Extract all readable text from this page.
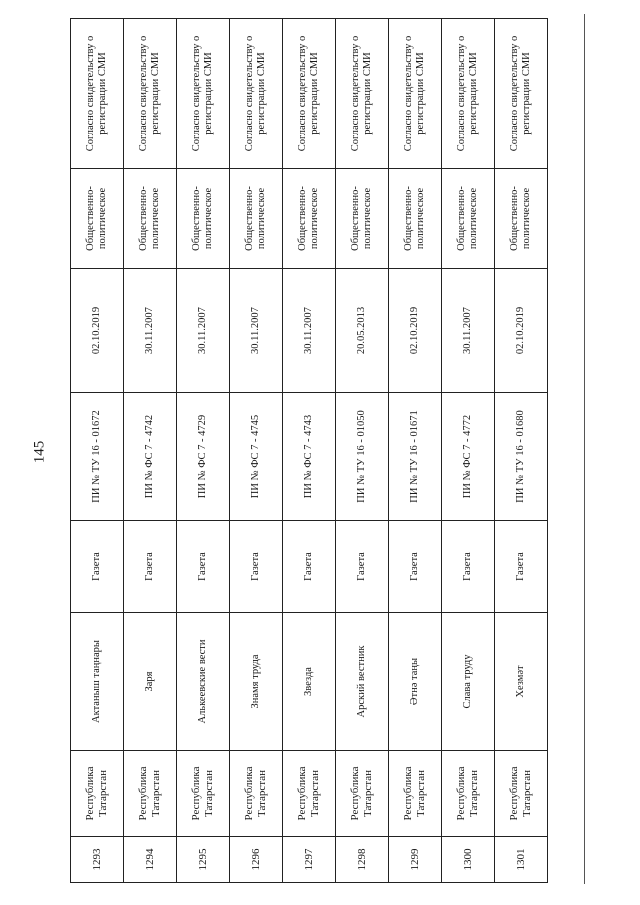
145
1293	Республика Татарстан	Актаныш таңнары	Газета	ПИ № ТУ 16 - 01672	02.10.2019	Общественно-политическое	Согласно свидетельству о регистрации СМИ
1294	Республика Татарстан	Заря	Газета	ПИ № ФС 7 - 4742	30.11.2007	Общественно-политическое	Согласно свидетельству о регистрации СМИ
1295	Республика Татарстан	Алькеевские вести	Газета	ПИ № ФС 7 - 4729	30.11.2007	Общественно-политическое	Согласно свидетельству о регистрации СМИ
1296	Республика Татарстан	Знамя труда	Газета	ПИ № ФС 7 - 4745	30.11.2007	Общественно-политическое	Согласно свидетельству о регистрации СМИ
1297	Республика Татарстан	Звезда	Газета	ПИ № ФС 7 - 4743	30.11.2007	Общественно-политическое	Согласно свидетельству о регистрации СМИ
1298	Республика Татарстан	Арский вестник	Газета	ПИ № ТУ 16 - 01050	20.05.2013	Общественно-политическое	Согласно свидетельству о регистрации СМИ
1299	Республика Татарстан	Әтнә таңы	Газета	ПИ № ТУ 16 - 01671	02.10.2019	Общественно-политическое	Согласно свидетельству о регистрации СМИ
1300	Республика Татарстан	Слава труду	Газета	ПИ № ФС 7 - 4772	30.11.2007	Общественно-политическое	Согласно свидетельству о регистрации СМИ
1301	Республика Татарстан	Хезмәт	Газета	ПИ № ТУ 16 - 01680	02.10.2019	Общественно-политическое	Согласно свидетельству о регистрации СМИ
